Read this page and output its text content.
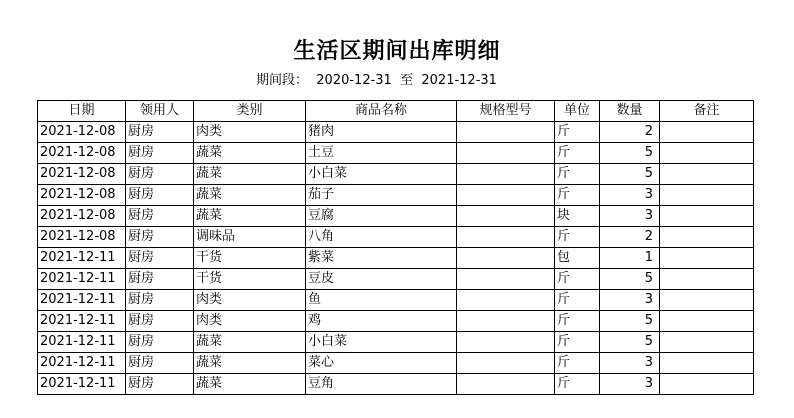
生活区期间出库明细
期间段： 2020-12-31 至 2021-12-31
日期	领用人	类别	商品名称	规格型号	单位	数量	备注
2021-12-08	厨房	肉类	猪肉		斤	2	
2021-12-08	厨房	蔬菜	土豆		斤	5	
2021-12-08	厨房	蔬菜	小白菜		斤	5	
2021-12-08	厨房	蔬菜	茄子		斤	3	
2021-12-08	厨房	蔬菜	豆腐		块	3	
2021-12-08	厨房	调味品	八角		斤	2	
2021-12-11	厨房	干货	紫菜		包	1	
2021-12-11	厨房	干货	豆皮		斤	5	
2021-12-11	厨房	肉类	鱼		斤	3	
2021-12-11	厨房	肉类	鸡		斤	5	
2021-12-11	厨房	蔬菜	小白菜		斤	5	
2021-12-11	厨房	蔬菜	菜心		斤	3	
2021-12-11	厨房	蔬菜	豆角		斤	3	
